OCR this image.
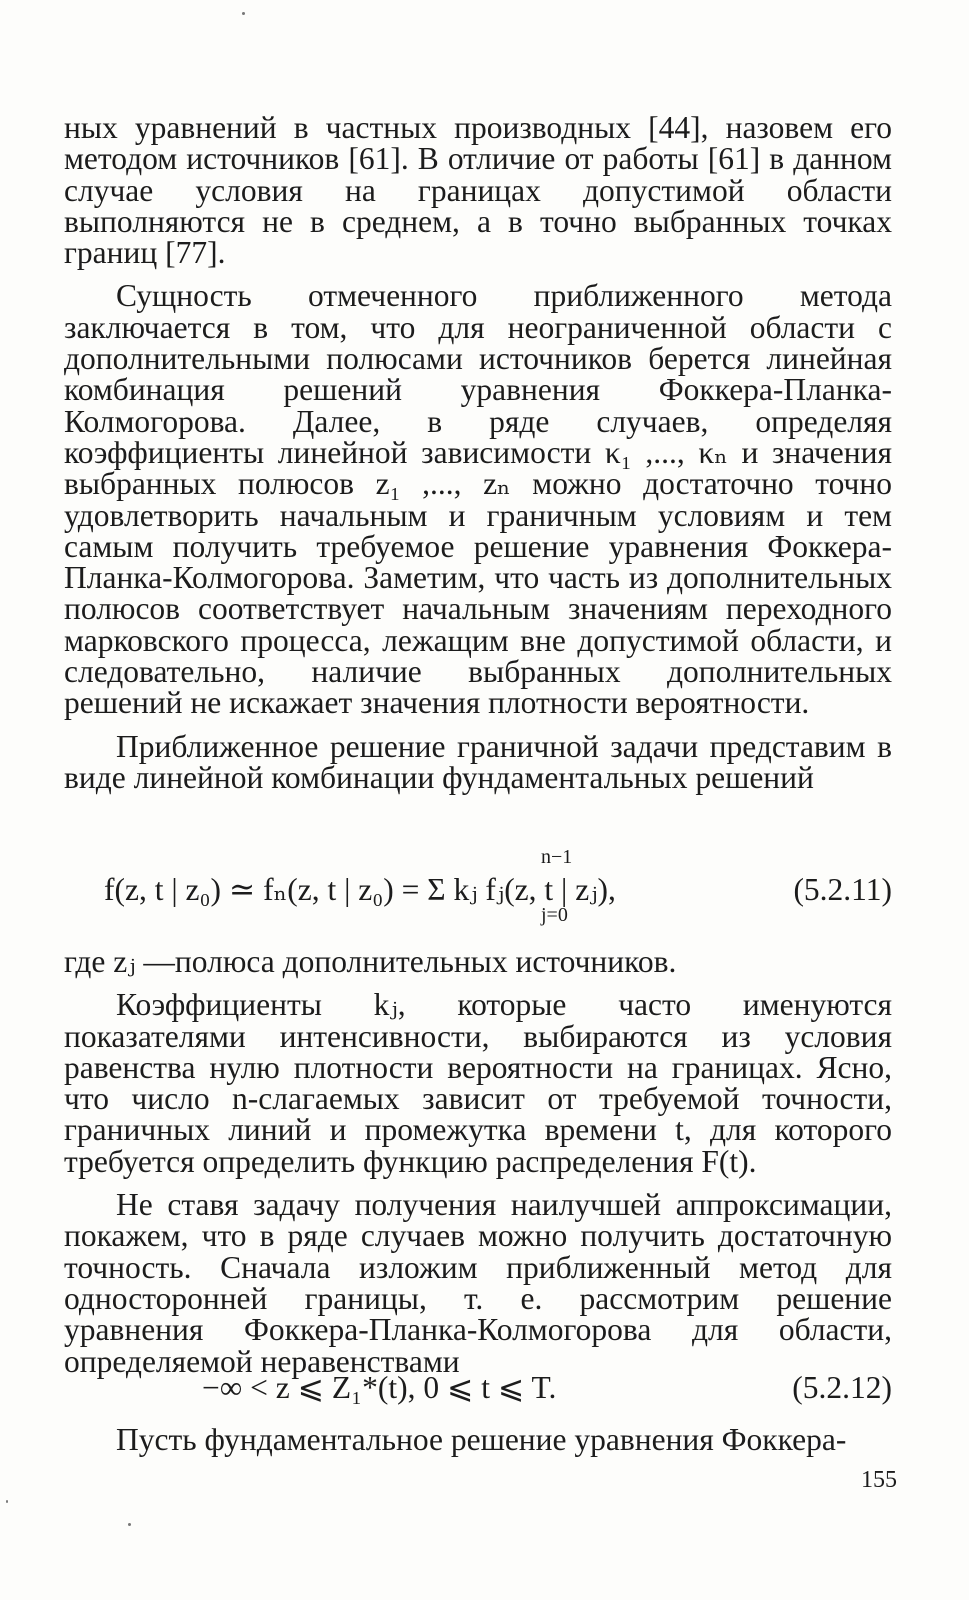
ных уравнений в частных производных [44], назовем его методом источников [61]. В отличие от работы [61] в данном случае условия на границах допустимой области выполняются не в среднем, а в точно выбранных точках границ [77].

Сущность отмеченного приближенного метода заключается в том, что для неограниченной области с дополнительными полюсами источников берется линейная комбинация решений уравнения Фоккера-Планка-Колмогорова. Далее, в ряде случаев, определяя коэффициенты линейной зависимости κ₁ ,..., κₙ и значения выбранных полюсов z₁ ,..., zₙ можно достаточно точно удовлетворить начальным и граничным условиям и тем самым получить требуемое решение уравнения Фоккера-Планка-Колмогорова. Заметим, что часть из дополнительных полюсов соответствует начальным значениям переходного марковского процесса, лежащим вне допустимой области, и следовательно, наличие выбранных дополнительных решений не искажает значения плотности вероятности.

Приближенное решение граничной задачи представим в виде линейной комбинации фундаментальных решений

f(z, t | z₀) ≃ fₙ(z, t | z₀) = Σ kⱼ fⱼ(z, t | zⱼ),
n−1
j=0
(5.2.11)

где zⱼ —полюса дополнительных источников.

Коэффициенты kⱼ, которые часто именуются показателями интенсивности, выбираются из условия равенства нулю плотности вероятности на границах. Ясно, что число n-слагаемых зависит от требуемой точности, граничных линий и промежутка времени t, для которого требуется определить функцию распределения F(t).

Не ставя задачу получения наилучшей аппроксимации, покажем, что в ряде случаев можно получить достаточную точность. Сначала изложим приближенный метод для односторонней границы, т. е. рассмотрим решение уравнения Фоккера-Планка-Колмогорова для области, определяемой неравенствами

−∞ < z ⩽ Z₁*(t), 0 ⩽ t ⩽ T.	(5.2.12)

Пусть фундаментальное решение уравнения Фоккера-

155
